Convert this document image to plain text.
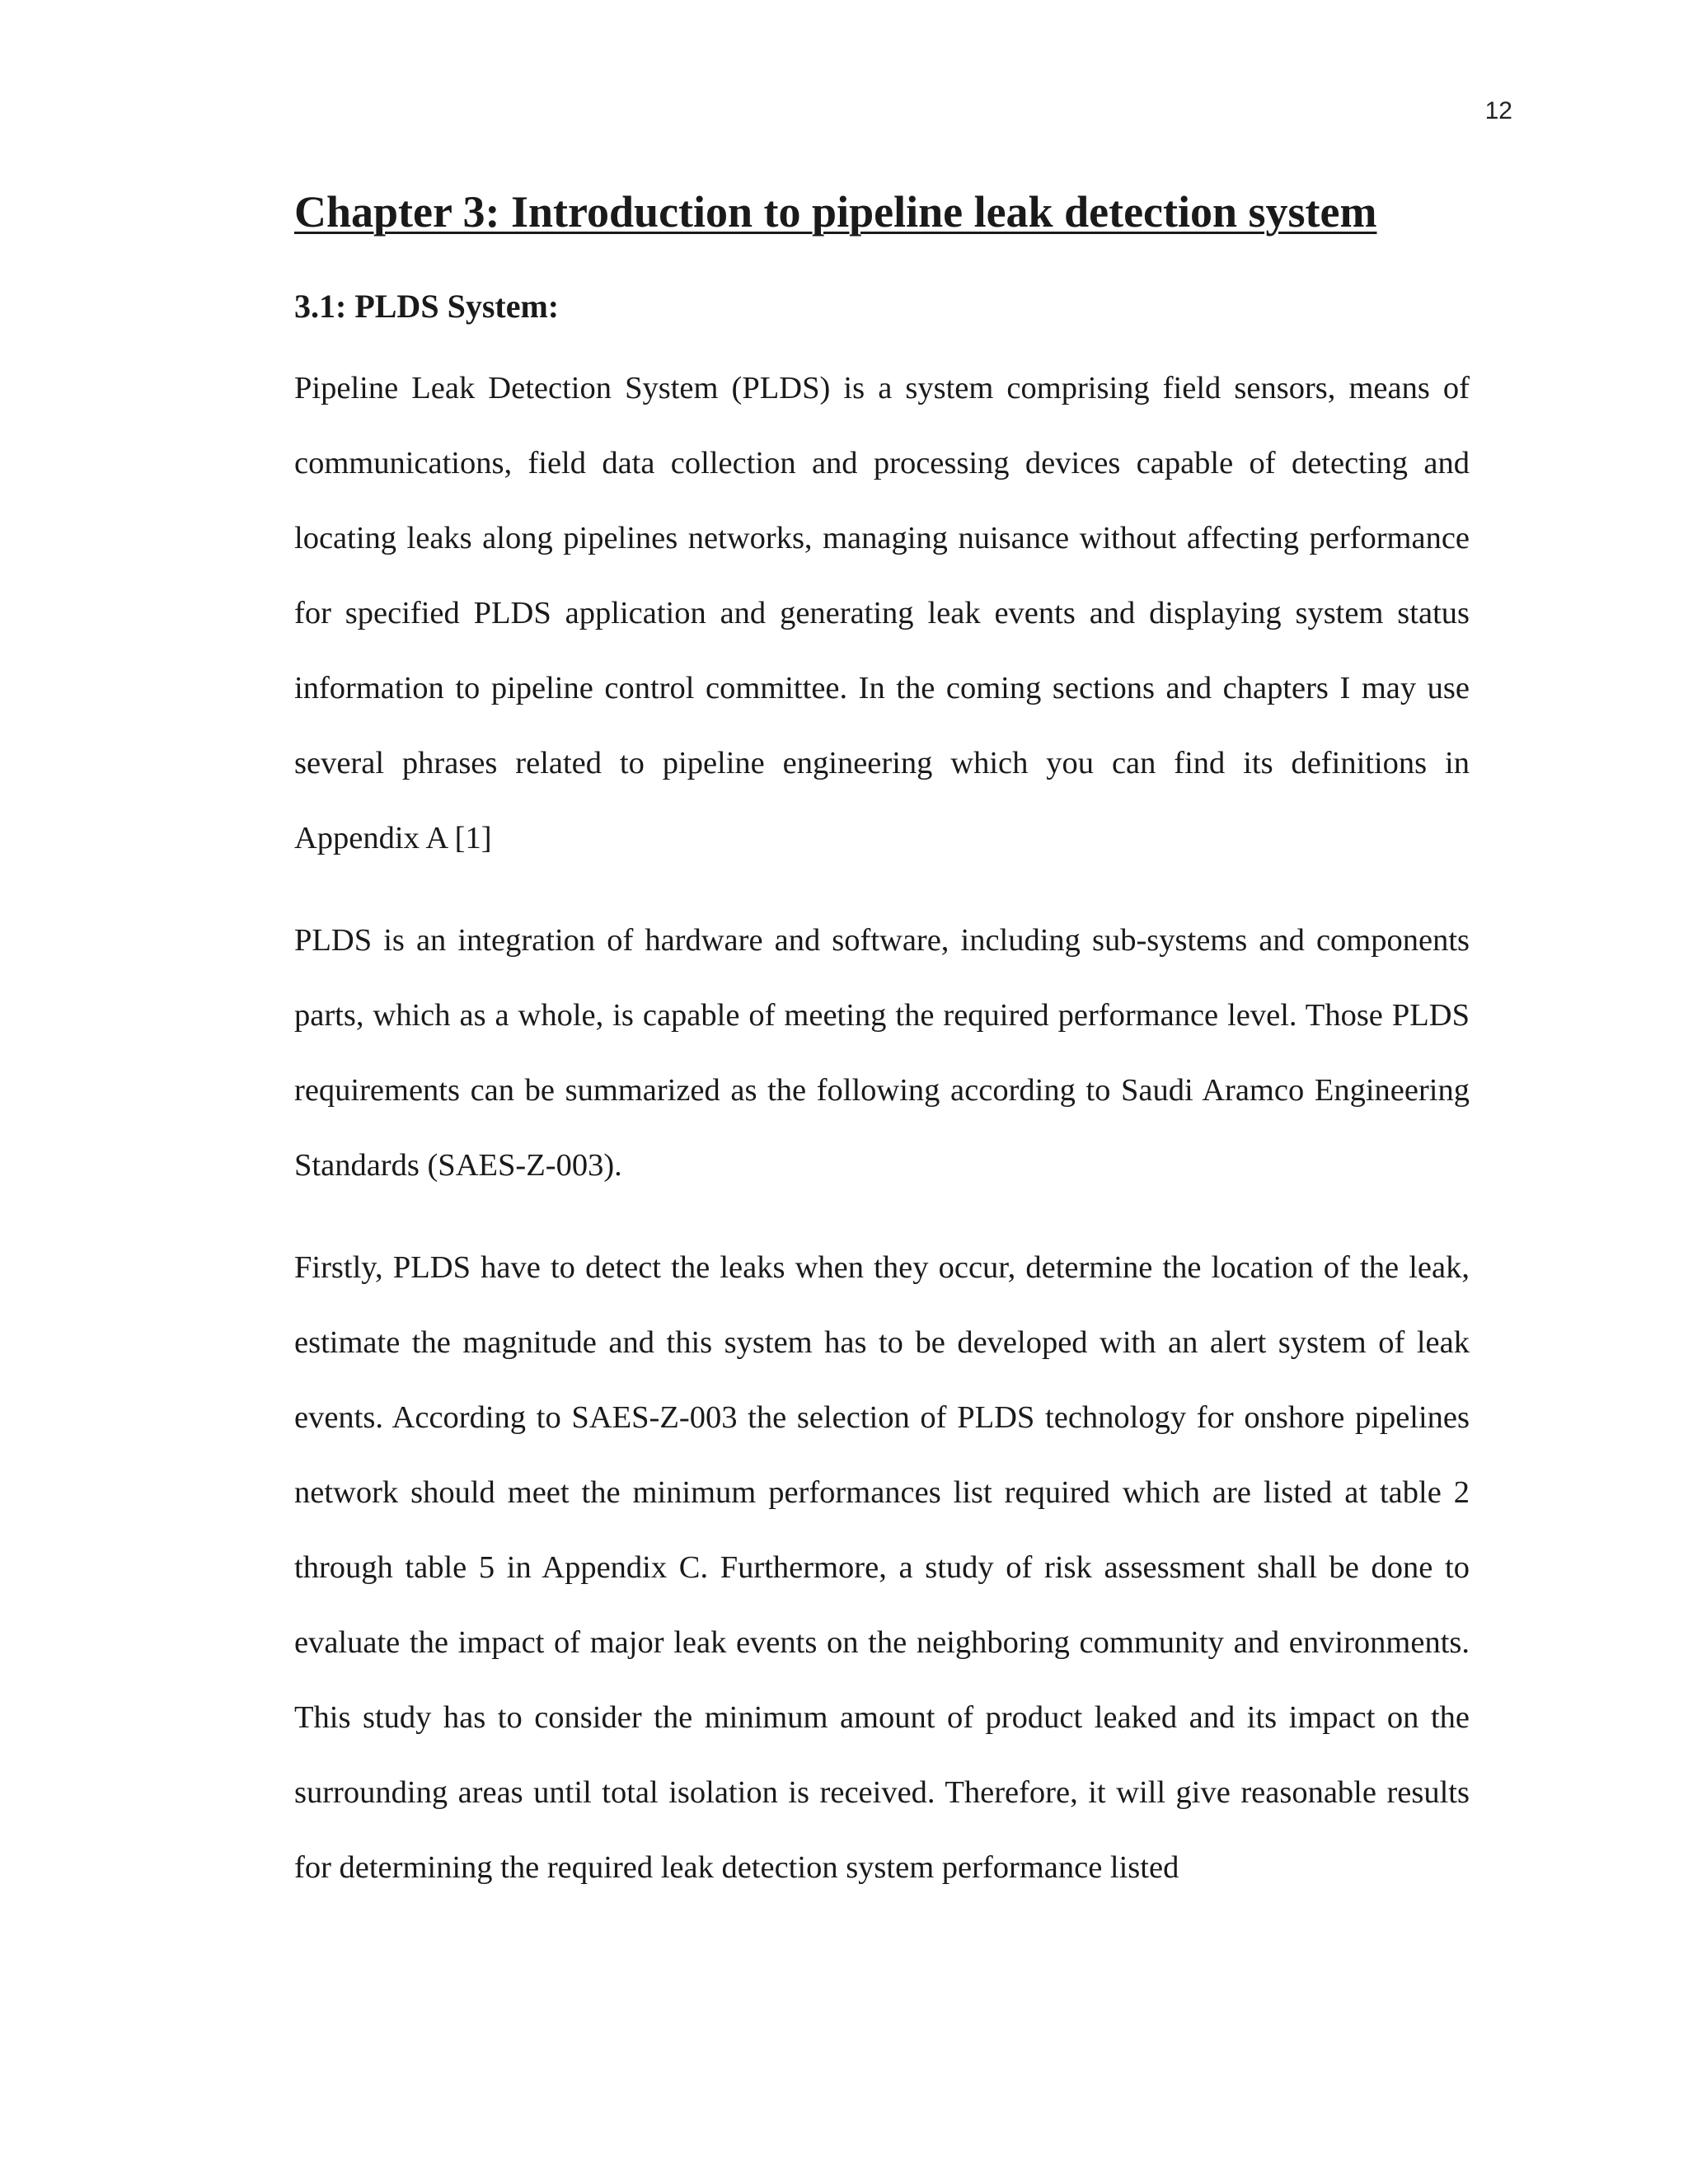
12
Chapter 3: Introduction to pipeline leak detection system
3.1: PLDS System:

Pipeline Leak Detection System (PLDS) is a system comprising field sensors, means of communications, field data collection and processing devices capable of detecting and locating leaks along pipelines networks, managing nuisance without affecting performance for specified PLDS application and generating leak events and displaying system status information to pipeline control committee. In the coming sections and chapters I may use several phrases related to pipeline engineering which you can find its definitions in Appendix A [1]

PLDS is an integration of hardware and software, including sub-systems and components parts, which as a whole, is capable of meeting the required performance level. Those PLDS requirements can be summarized as the following according to Saudi Aramco Engineering Standards (SAES-Z-003).

Firstly, PLDS have to detect the leaks when they occur, determine the location of the leak, estimate the magnitude and this system has to be developed with an alert system of leak events. According to SAES-Z-003 the selection of PLDS technology for onshore pipelines network should meet the minimum performances list required which are listed at table 2 through table 5 in Appendix C. Furthermore, a study of risk assessment shall be done to evaluate the impact of major leak events on the neighboring community and environments. This study has to consider the minimum amount of product leaked and its impact on the surrounding areas until total isolation is received. Therefore, it will give reasonable results for determining the required leak detection system performance listed
